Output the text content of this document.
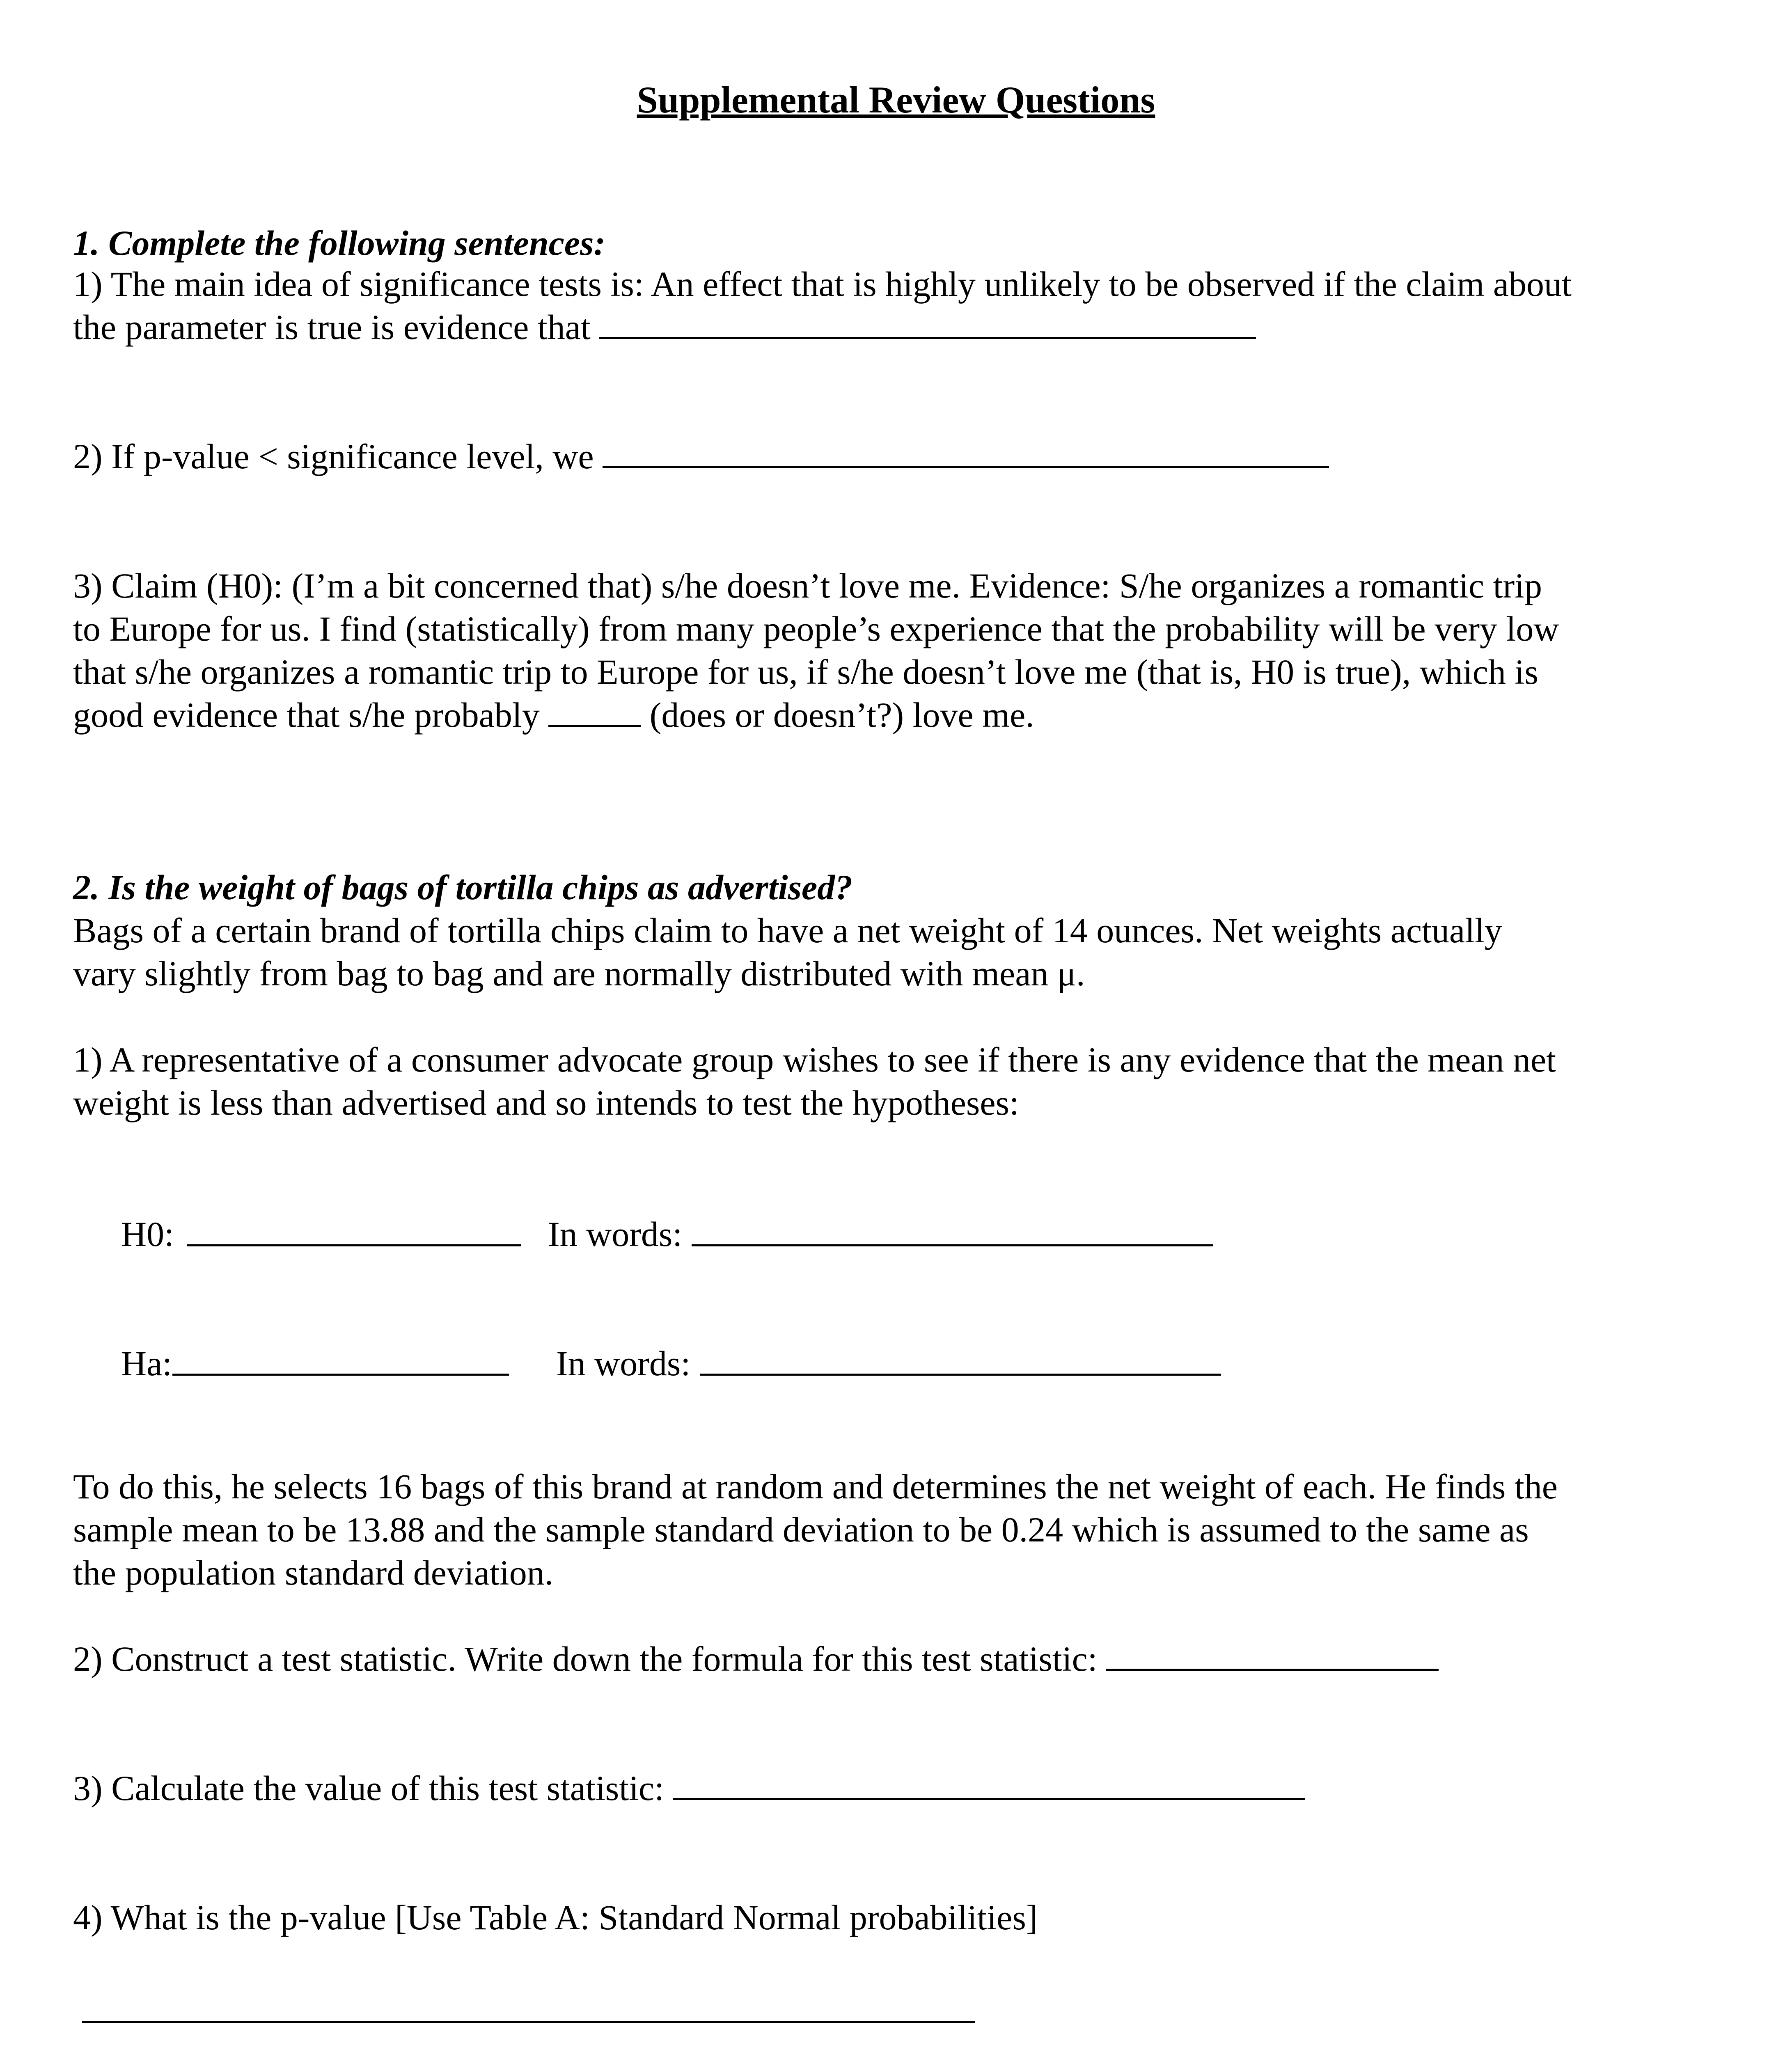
Supplemental Review Questions

1. Complete the following sentences:

1) The main idea of significance tests is: An effect that is highly unlikely to be observed if the claim about

the parameter is true is evidence that

2) If p-value < significance level, we

3) Claim (H0): (I’m a bit concerned that) s/he doesn’t love me. Evidence: S/he organizes a romantic trip

to Europe for us. I find (statistically) from many people’s experience that the probability will be very low

that s/he organizes a romantic trip to Europe for us, if s/he doesn’t love me (that is, H0 is true), which is

good evidence that s/he probably	(does or doesn’t?) love me.

2. Is the weight of bags of tortilla chips as advertised?

Bags of a certain brand of tortilla chips claim to have a net weight of 14 ounces. Net weights actually

vary slightly from bag to bag and are normally distributed with mean μ.

1) A representative of a consumer advocate group wishes to see if there is any evidence that the mean net

weight is less than advertised and so intends to test the hypotheses:

H0:	In words:

Ha:	In words:

To do this, he selects 16 bags of this brand at random and determines the net weight of each. He finds the

sample mean to be 13.88 and the sample standard deviation to be 0.24 which is assumed to the same as

the population standard deviation.

2) Construct a test statistic. Write down the formula for this test statistic:

3) Calculate the value of this test statistic:

4) What is the p-value [Use Table A: Standard Normal probabilities]
